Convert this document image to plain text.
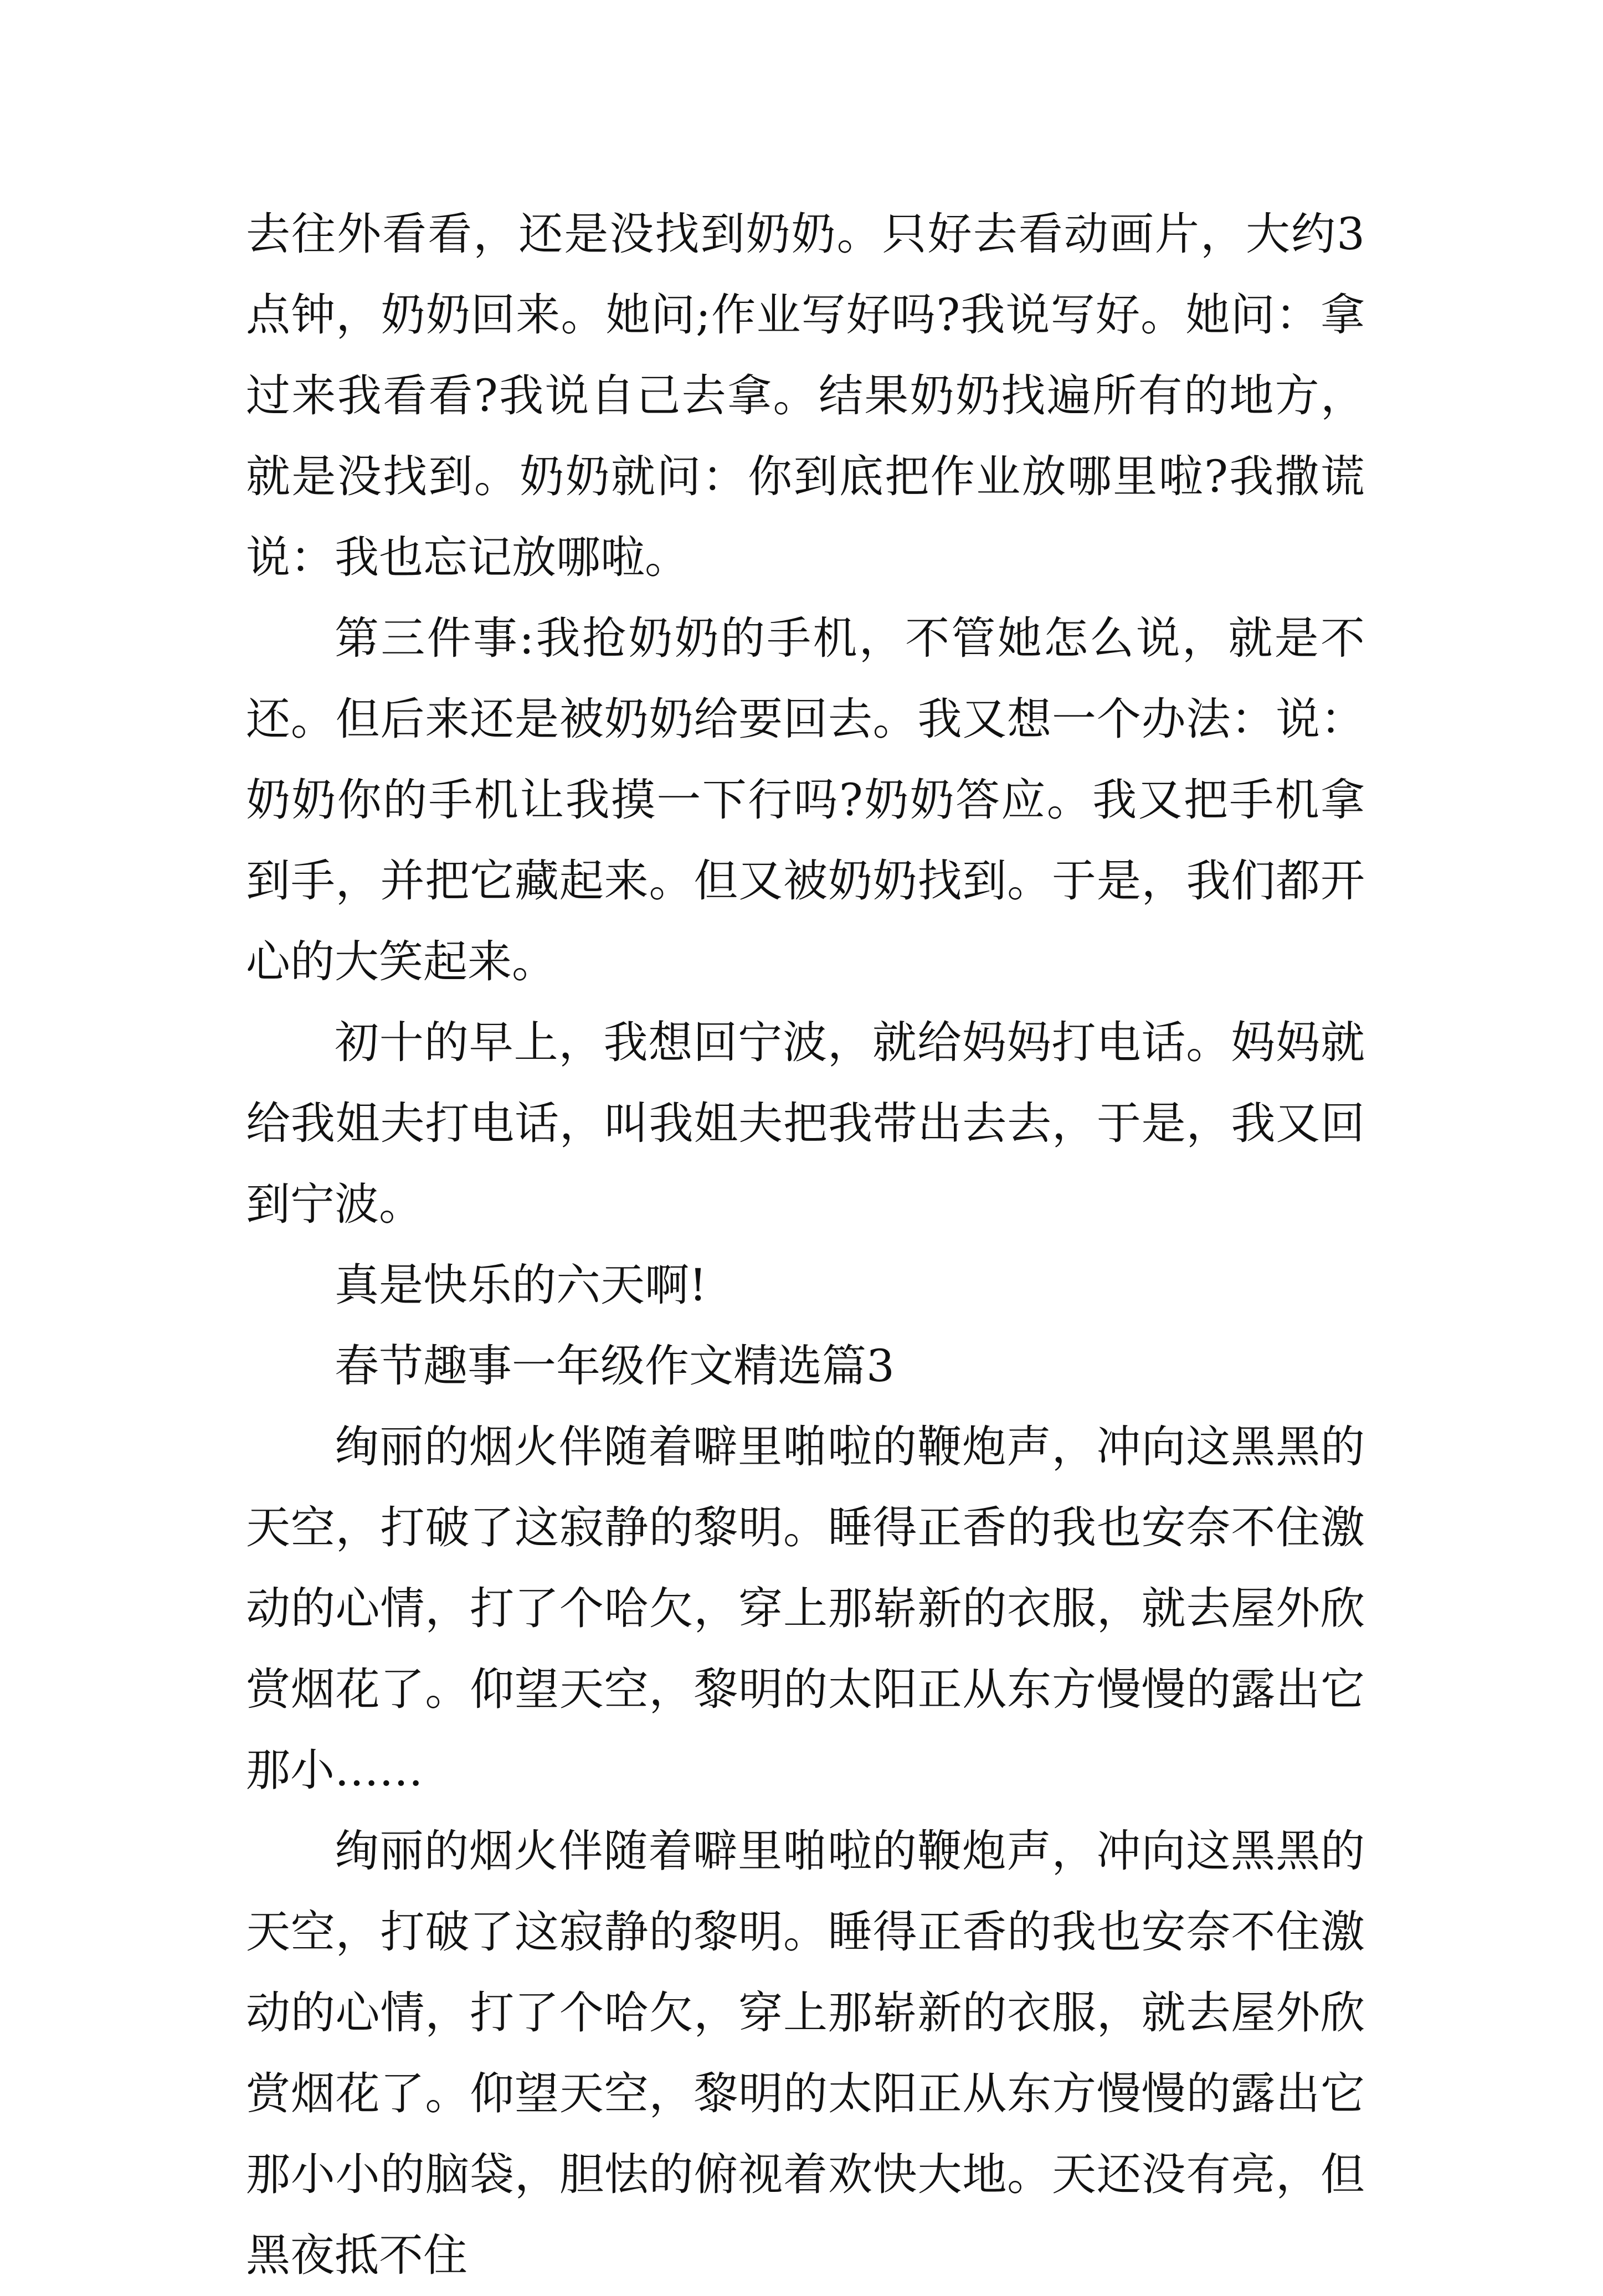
去往外看看，还是没找到奶奶。只好去看动画片，大约3点钟，奶奶回来。她问;作业写好吗?我说写好。她问：拿过来我看看?我说自己去拿。结果奶奶找遍所有的地方，就是没找到。奶奶就问：你到底把作业放哪里啦?我撒谎说：我也忘记放哪啦。

第三件事:我抢奶奶的手机，不管她怎么说，就是不还。但后来还是被奶奶给要回去。我又想一个办法：说：奶奶你的手机让我摸一下行吗?奶奶答应。我又把手机拿到手，并把它藏起来。但又被奶奶找到。于是，我们都开心的大笑起来。

初十的早上，我想回宁波，就给妈妈打电话。妈妈就给我姐夫打电话，叫我姐夫把我带出去去，于是，我又回到宁波。

真是快乐的六天啊!

春节趣事一年级作文精选篇3

绚丽的烟火伴随着噼里啪啦的鞭炮声，冲向这黑黑的天空，打破了这寂静的黎明。睡得正香的我也安奈不住激动的心情，打了个哈欠，穿上那崭新的衣服，就去屋外欣赏烟花了。仰望天空，黎明的太阳正从东方慢慢的露出它那小……

绚丽的烟火伴随着噼里啪啦的鞭炮声，冲向这黑黑的天空，打破了这寂静的黎明。睡得正香的我也安奈不住激动的心情，打了个哈欠，穿上那崭新的衣服，就去屋外欣赏烟花了。仰望天空，黎明的太阳正从东方慢慢的露出它那小小的脑袋，胆怯的俯视着欢快大地。天还没有亮，但黑夜抵不住
